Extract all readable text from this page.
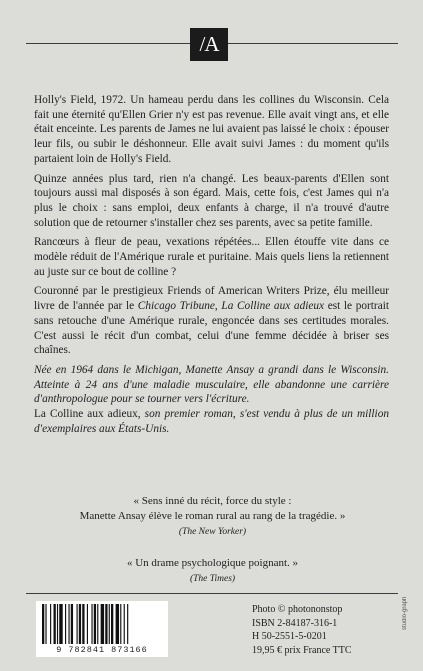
/A

Holly's Field, 1972. Un hameau perdu dans les collines du Wisconsin. Cela fait une éternité qu'Ellen Grier n'y est pas revenue. Elle avait vingt ans, et elle était enceinte. Les parents de James ne lui avaient pas laissé le choix : épouser leur fils, ou subir le déshonneur. Elle avait suivi James : du moment qu'ils partaient loin de Holly's Field.

Quinze années plus tard, rien n'a changé. Les beaux-parents d'Ellen sont toujours aussi mal disposés à son égard. Mais, cette fois, c'est James qui n'a plus le choix : sans emploi, deux enfants à charge, il n'a trouvé d'autre solution que de retourner s'installer chez ses parents, avec sa petite famille.

Rancœurs à fleur de peau, vexations répétées... Ellen étouffe vite dans ce modèle réduit de l'Amérique rurale et puritaine. Mais quels liens la retiennent au juste sur ce bout de colline ?

Couronné par le prestigieux Friends of American Writers Prize, élu meilleur livre de l'année par le Chicago Tribune, La Colline aux adieux est le portrait sans retouche d'une Amérique rurale, engoncée dans ses certitudes morales. C'est aussi le récit d'un combat, celui d'une femme décidée à briser ses chaînes.

Née en 1964 dans le Michigan, Manette Ansay a grandi dans le Wisconsin. Atteinte à 24 ans d'une maladie musculaire, elle abandonne une carrière d'anthropologue pour se tourner vers l'écriture.
La Colline aux adieux, son premier roman, s'est vendu à plus de un million d'exemplaires aux États-Unis.

« Sens inné du récit, force du style :
Manette Ansay élève le roman rural au rang de la tragédie. »
(The New Yorker)
« Un drame psychologique poignant. »
(The Times)
9 782841 873166
Photo © photononstop
ISBN 2-84187-316-1
H 50-2551-5-0201
19,95 € prix France TTC
studio-graph
